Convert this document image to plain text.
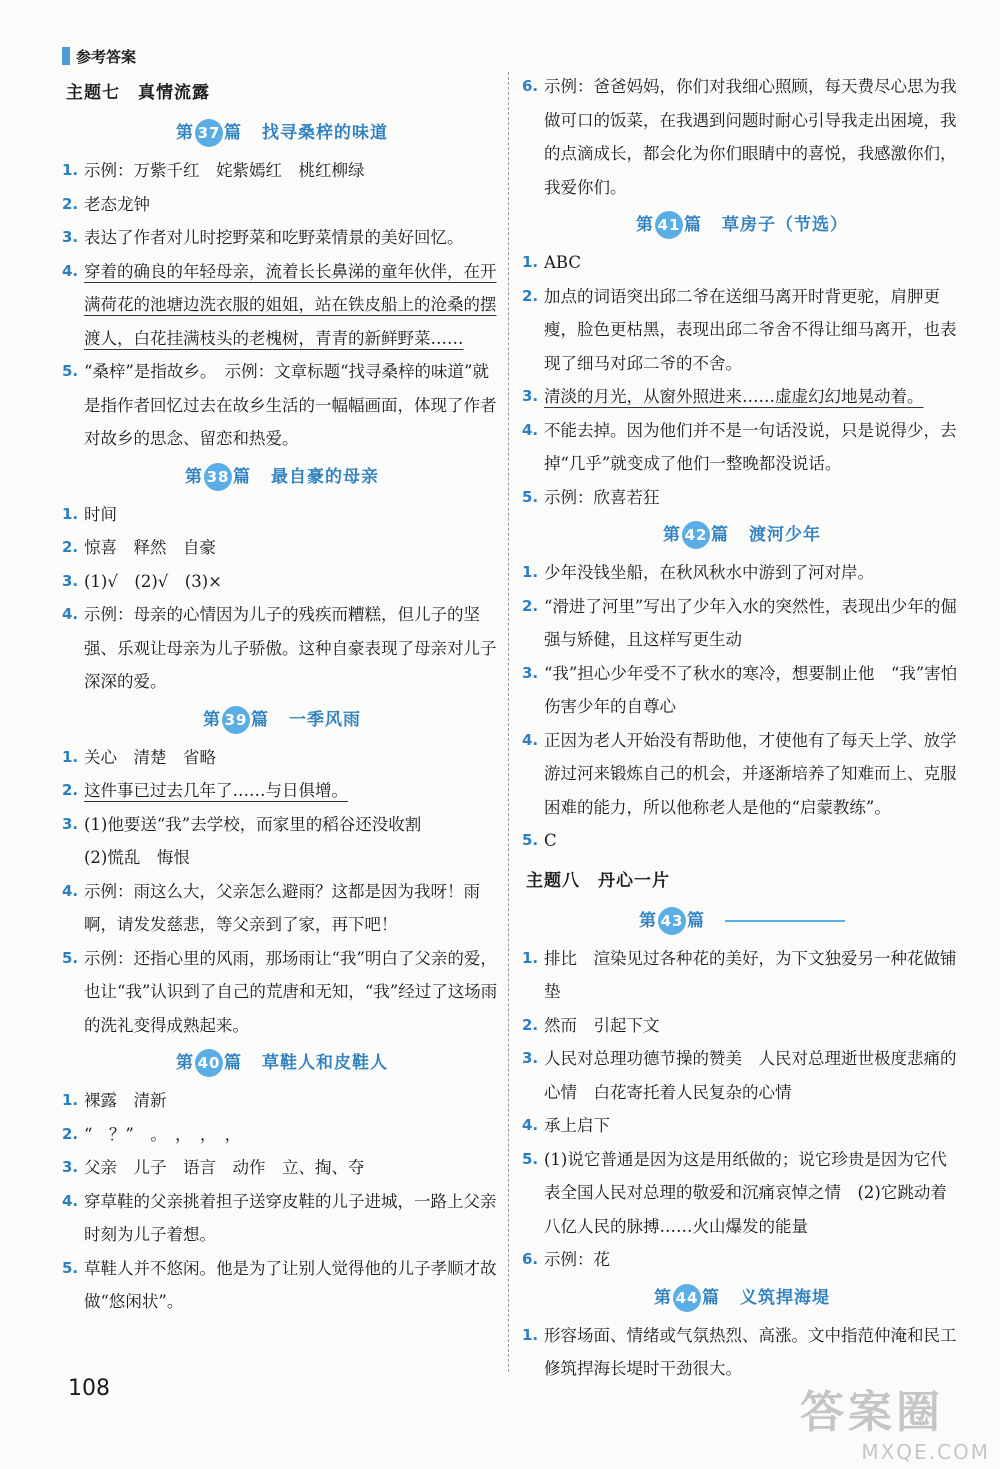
参考答案
主题七　真情流露
第 37 篇 找寻桑梓的味道
1. 示例：万紫千红　姹紫嫣红　桃红柳绿
2. 老态龙钟
3. 表达了作者对儿时挖野菜和吃野菜情景的美好回忆。
4. 穿着的确良的年轻母亲，流着长长鼻涕的童年伙伴，在开满荷花的池塘边洗衣服的姐姐，站在铁皮船上的沧桑的摆渡人，白花挂满枝头的老槐树，青青的新鲜野菜……
5. “桑梓”是指故乡。　示例：文章标题“找寻桑梓的味道”就是指作者回忆过去在故乡生活的一幅幅画面，体现了作者对故乡的思念、留恋和热爱。
第 38 篇 最自豪的母亲
1. 时间
2. 惊喜　释然　自豪
3. (1)√　(2)√　(3)×
4. 示例：母亲的心情因为儿子的残疾而糟糕，但儿子的坚强、乐观让母亲为儿子骄傲。这种自豪表现了母亲对儿子深深的爱。
第 39 篇 一季风雨
1. 关心　清楚　省略
2. 这件事已过去几年了……与日俱增。
3. (1)他要送“我”去学校，而家里的稻谷还没收割
(2)慌乱　悔恨
4. 示例：雨这么大，父亲怎么避雨？这都是因为我呀！雨啊，请发发慈悲，等父亲到了家，再下吧！
5. 示例：还指心里的风雨，那场雨让“我”明白了父亲的爱，也让“我”认识到了自己的荒唐和无知，“我”经过了这场雨的洗礼变得成熟起来。
第 40 篇 草鞋人和皮鞋人
1. 裸露　清新
2. “　？”　。　，　，　，
3. 父亲　儿子　语言　动作　立、掏、夺
4. 穿草鞋的父亲挑着担子送穿皮鞋的儿子进城，一路上父亲时刻为儿子着想。
5. 草鞋人并不悠闲。他是为了让别人觉得他的儿子孝顺才故做“悠闲状”。
6. 示例：爸爸妈妈，你们对我细心照顾，每天费尽心思为我做可口的饭菜，在我遇到问题时耐心引导我走出困境，我的点滴成长，都会化为你们眼睛中的喜悦，我感激你们，我爱你们。
第 41 篇 草房子（节选）
1. ABC
2. 加点的词语突出邱二爷在送细马离开时背更驼，肩胛更瘦，脸色更枯黑，表现出邱二爷舍不得让细马离开，也表现了细马对邱二爷的不舍。
3. 清淡的月光，从窗外照进来……虚虚幻幻地晃动着。
4. 不能去掉。因为他们并不是一句话没说，只是说得少，去掉“几乎”就变成了他们一整晚都没说话。
5. 示例：欣喜若狂
第 42 篇 渡河少年
1. 少年没钱坐船，在秋风秋水中游到了河对岸。
2. “滑进了河里”写出了少年入水的突然性，表现出少年的倔强与矫健，且这样写更生动
3. “我”担心少年受不了秋水的寒冷，想要制止他　“我”害怕伤害少年的自尊心
4. 正因为老人开始没有帮助他，才使他有了每天上学、放学游过河来锻炼自己的机会，并逐渐培养了知难而上、克服困难的能力，所以他称老人是他的“启蒙教练”。
5. C
主题八　丹心一片
第 43 篇
1. 排比　渲染见过各种花的美好，为下文独爱另一种花做铺垫
2. 然而　引起下文
3. 人民对总理功德节操的赞美　人民对总理逝世极度悲痛的心情　白花寄托着人民复杂的心情
4. 承上启下
5. (1)说它普通是因为这是用纸做的；说它珍贵是因为它代表全国人民对总理的敬爱和沉痛哀悼之情　(2)它跳动着八亿人民的脉搏……火山爆发的能量
6. 示例：花
第 44 篇 义筑捍海堤
1. 形容场面、情绪或气氛热烈、高涨。文中指范仲淹和民工修筑捍海长堤时干劲很大。
108	答案圈
MXQE.COM
